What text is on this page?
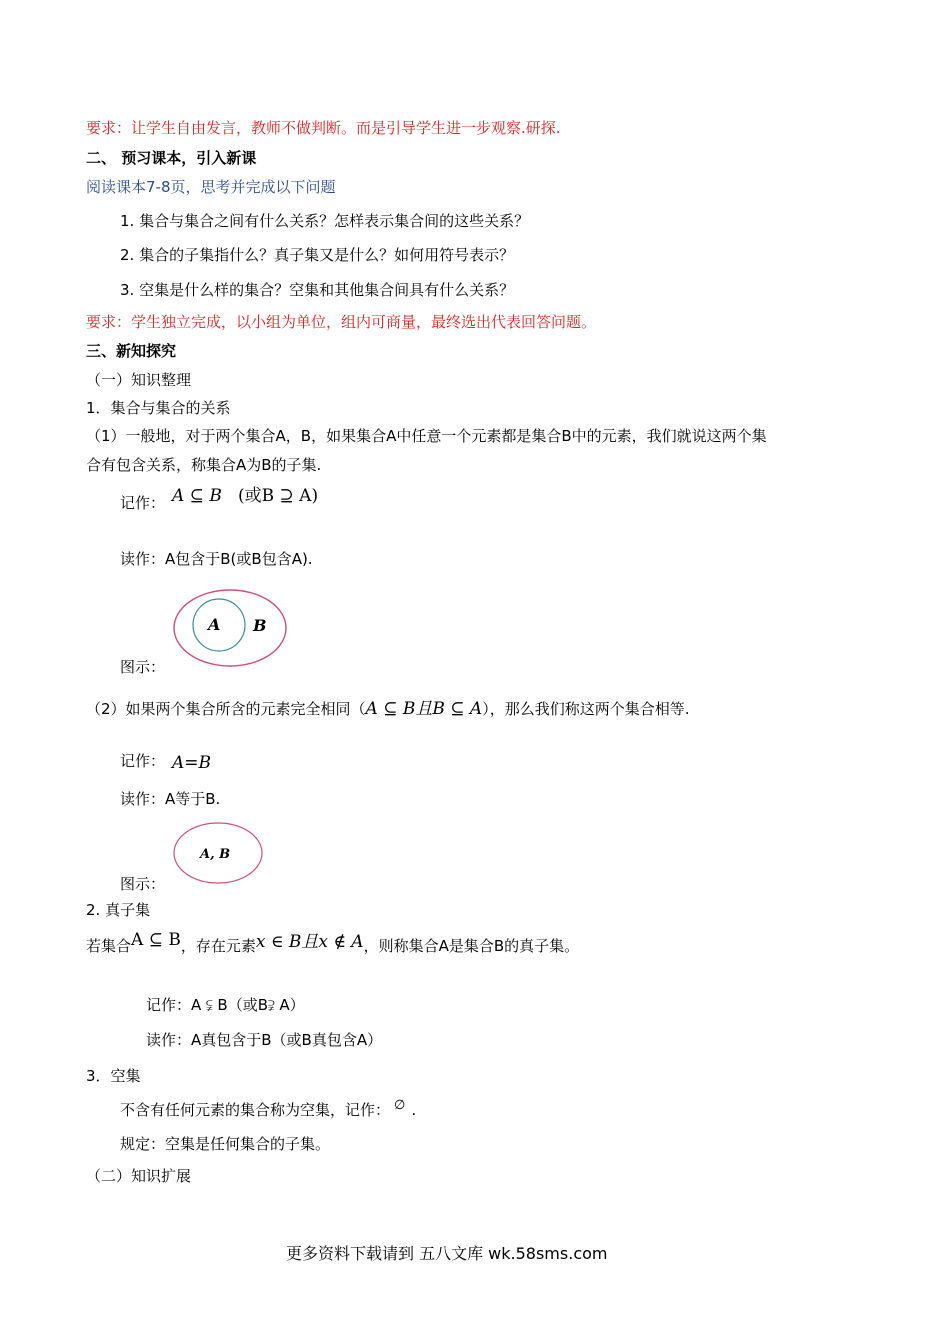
要求：让学生自由发言，教师不做判断。而是引导学生进一步观察.研探.
二、 预习课本，引入新课
阅读课本7-8页，思考并完成以下问题
1. 集合与集合之间有什么关系？怎样表示集合间的这些关系？
2. 集合的子集指什么？真子集又是什么？如何用符号表示？
3. 空集是什么样的集合？空集和其他集合间具有什么关系？
要求：学生独立完成，以小组为单位，组内可商量，最终选出代表回答问题。
三、新知探究
（一）知识整理
1．集合与集合的关系
（1）一般地，对于两个集合A，B，如果集合A中任意一个元素都是集合B中的元素，我们就说这两个集
合有包含关系，称集合A为B的子集.
记作： A ⊆ B (或B ⊇ A)
读作：A包含于B(或B包含A).
A B
图示：
（2）如果两个集合所含的元素完全相同（A ⊆ B且B ⊆ A），那么我们称这两个集合相等.
记作： A=B
读作：A等于B.
A, B
图示：
2. 真子集
若集合A ⊆ B，存在元素x ∈ B且x ∉ A，则称集合A是集合B的真子集。
记作：A ⫋ B（或B⫌ A）
读作：A真包含于B（或B真包含A）
3．空集
不含有任何元素的集合称为空集，记作： ∅ .
规定：空集是任何集合的子集。
（二）知识扩展
更多资料下载请到 五八文库 wk.58sms.com
